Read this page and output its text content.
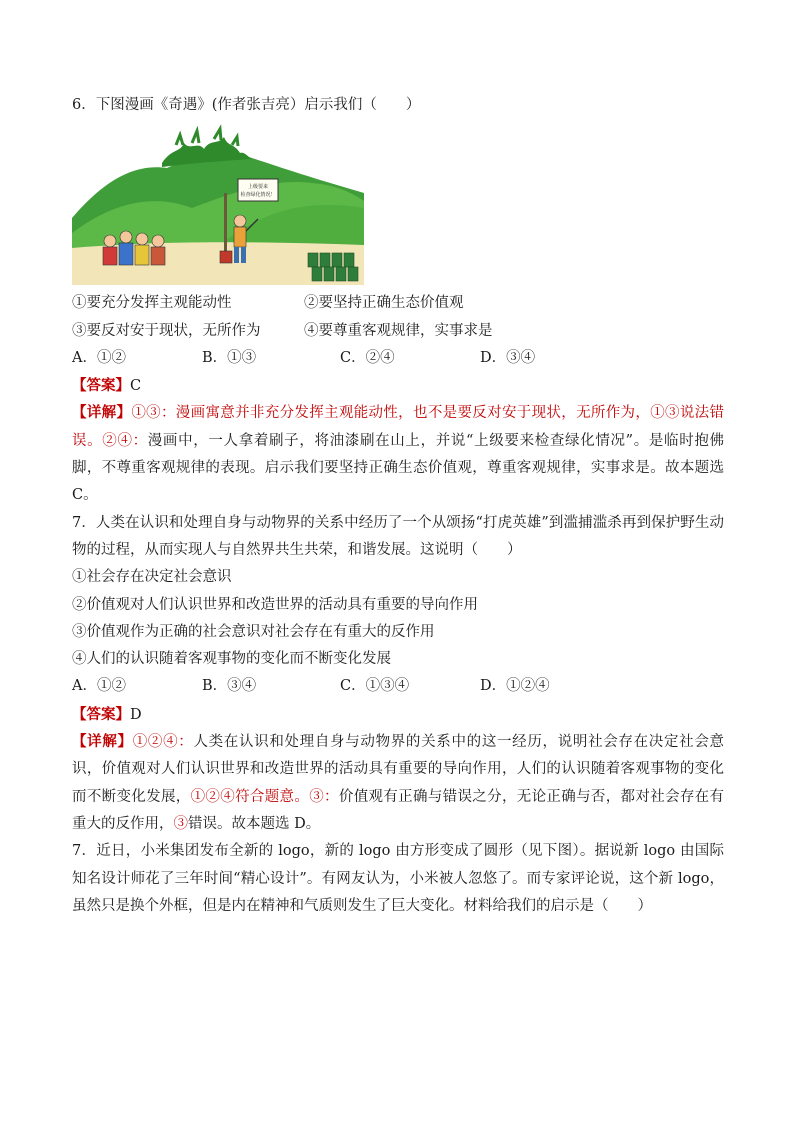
6．下图漫画《奇遇》(作者张吉亮）启示我们（　　）
上级要来
检查绿化情况！
①要充分发挥主观能动性	②要坚持正确生态价值观
③要反对安于现状，无所作为	④要尊重客观规律，实事求是
A．①②	B．①③	C．②④	D．③④
【答案】C
【详解】①③：漫画寓意并非充分发挥主观能动性，也不是要反对安于现状，无所作为，①③说法错误。②④：漫画中，一人拿着刷子，将油漆刷在山上，并说“上级要来检查绿化情况”。是临时抱佛脚，不尊重客观规律的表现。启示我们要坚持正确生态价值观，尊重客观规律，实事求是。故本题选 C。
7．人类在认识和处理自身与动物界的关系中经历了一个从颂扬“打虎英雄”到滥捕滥杀再到保护野生动物的过程，从而实现人与自然界共生共荣，和谐发展。这说明（　　）
①社会存在决定社会意识
②价值观对人们认识世界和改造世界的活动具有重要的导向作用
③价值观作为正确的社会意识对社会存在有重大的反作用
④人们的认识随着客观事物的变化而不断变化发展
A．①②	B．③④	C．①③④	D．①②④
【答案】D
【详解】①②④：人类在认识和处理自身与动物界的关系中的这一经历，说明社会存在决定社会意识，价值观对人们认识世界和改造世界的活动具有重要的导向作用，人们的认识随着客观事物的变化而不断变化发展，①②④符合题意。③：价值观有正确与错误之分，无论正确与否，都对社会存在有重大的反作用，③错误。故本题选 D。
7．近日，小米集团发布全新的 logo，新的 logo 由方形变成了圆形（见下图）。据说新 logo 由国际知名设计师花了三年时间“精心设计”。有网友认为，小米被人忽悠了。而专家评论说，这个新 logo，虽然只是换个外框，但是内在精神和气质则发生了巨大变化。材料给我们的启示是（　　）
